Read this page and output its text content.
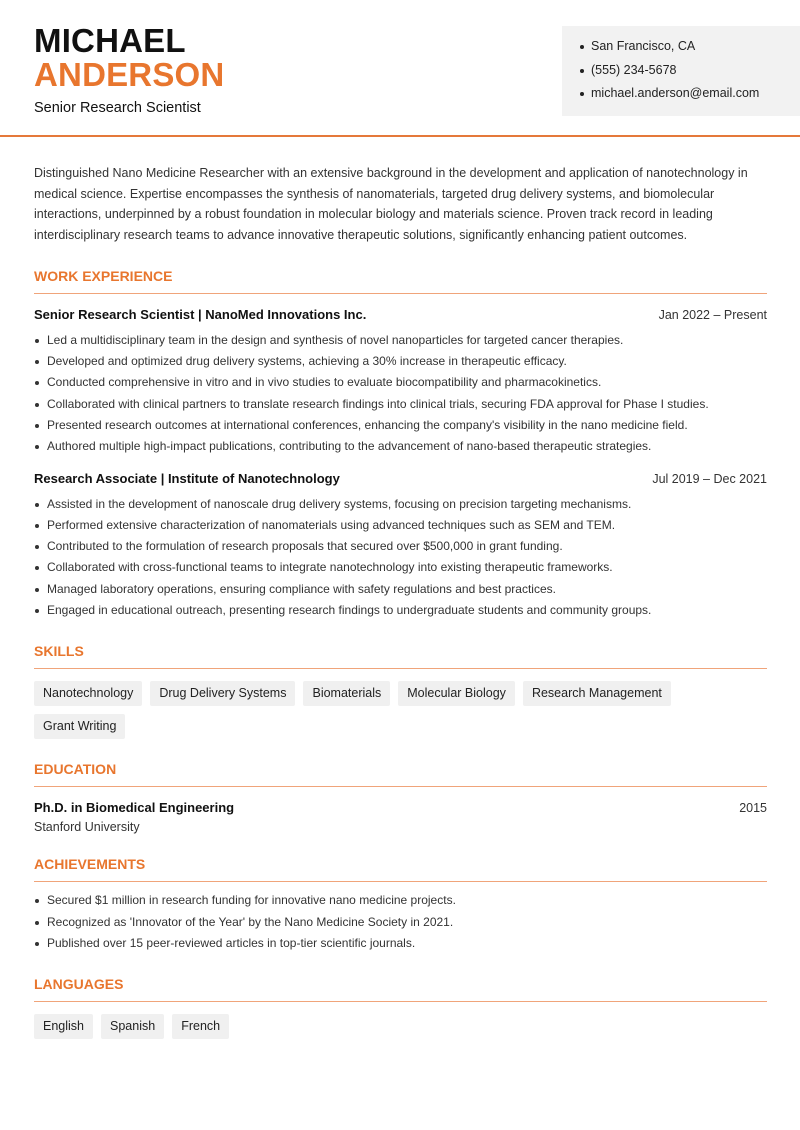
MICHAEL
ANDERSON
Senior Research Scientist
San Francisco, CA
(555) 234-5678
michael.anderson@email.com

Distinguished Nano Medicine Researcher with an extensive background in the development and application of nanotechnology in medical science. Expertise encompasses the synthesis of nanomaterials, targeted drug delivery systems, and biomolecular interactions, underpinned by a robust foundation in molecular biology and materials science. Proven track record in leading interdisciplinary research teams to advance innovative therapeutic solutions, significantly enhancing patient outcomes.

WORK EXPERIENCE
Senior Research Scientist | NanoMed Innovations Inc.	Jan 2022 – Present
Led a multidisciplinary team in the design and synthesis of novel nanoparticles for targeted cancer therapies.
Developed and optimized drug delivery systems, achieving a 30% increase in therapeutic efficacy.
Conducted comprehensive in vitro and in vivo studies to evaluate biocompatibility and pharmacokinetics.
Collaborated with clinical partners to translate research findings into clinical trials, securing FDA approval for Phase I studies.
Presented research outcomes at international conferences, enhancing the company's visibility in the nano medicine field.
Authored multiple high-impact publications, contributing to the advancement of nano-based therapeutic strategies.
Research Associate | Institute of Nanotechnology	Jul 2019 – Dec 2021
Assisted in the development of nanoscale drug delivery systems, focusing on precision targeting mechanisms.
Performed extensive characterization of nanomaterials using advanced techniques such as SEM and TEM.
Contributed to the formulation of research proposals that secured over $500,000 in grant funding.
Collaborated with cross-functional teams to integrate nanotechnology into existing therapeutic frameworks.
Managed laboratory operations, ensuring compliance with safety regulations and best practices.
Engaged in educational outreach, presenting research findings to undergraduate students and community groups.
SKILLS
Nanotechnology	Drug Delivery Systems	Biomaterials	Molecular Biology	Research Management
Grant Writing
EDUCATION
Ph.D. in Biomedical Engineering	2015
Stanford University
ACHIEVEMENTS
Secured $1 million in research funding for innovative nano medicine projects.
Recognized as 'Innovator of the Year' by the Nano Medicine Society in 2021.
Published over 15 peer-reviewed articles in top-tier scientific journals.
LANGUAGES
English	Spanish	French
